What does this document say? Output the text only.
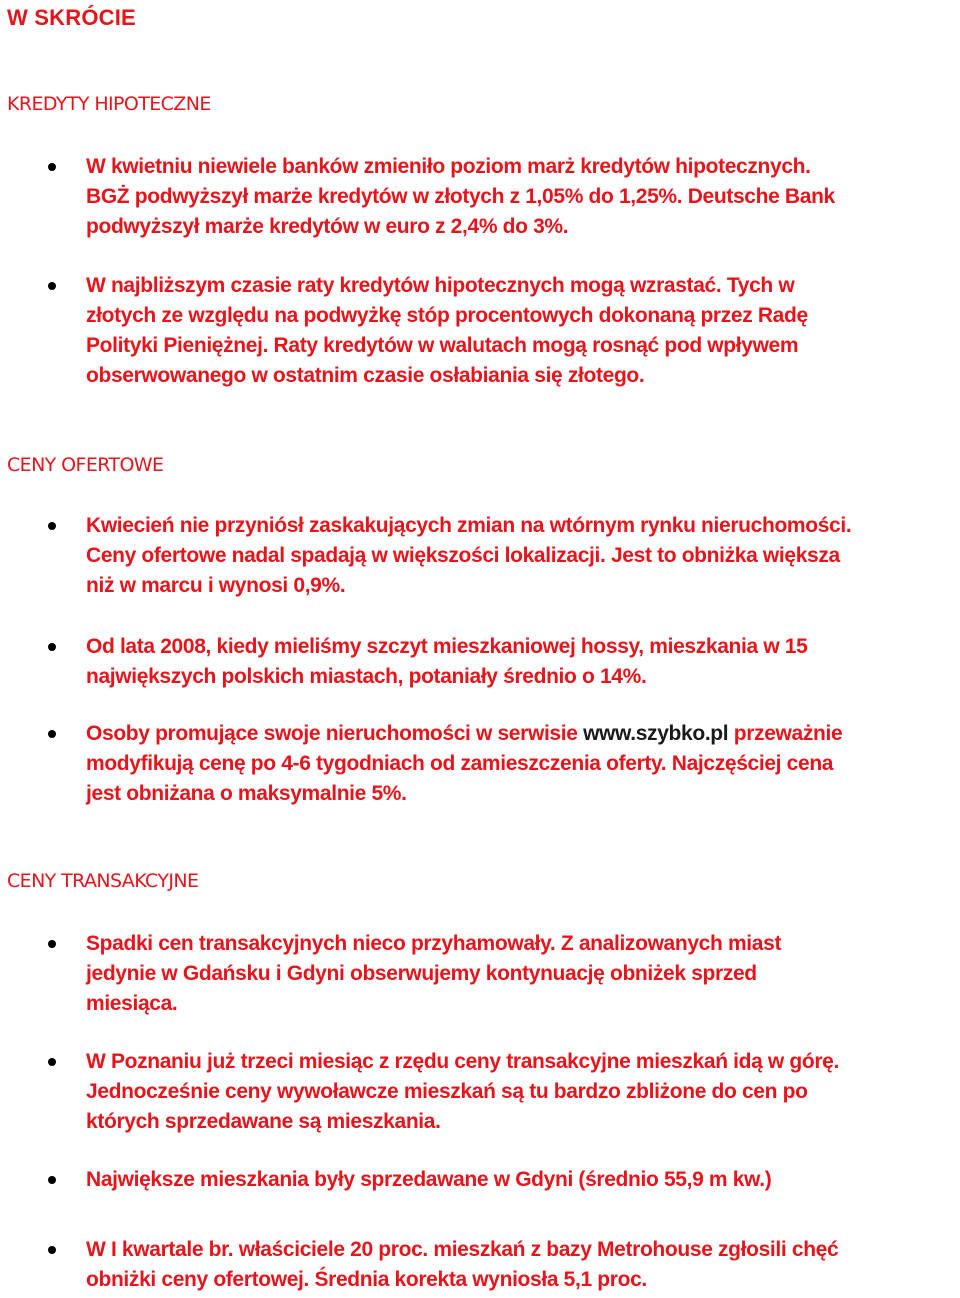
W SKRÓCIE
KREDYTY HIPOTECZNE

W kwietniu niewiele banków zmieniło poziom marż kredytów hipotecznych.
BGŻ podwyższył marże kredytów w złotych z 1,05% do 1,25%. Deutsche Bank
podwyższył marże kredytów w euro z 2,4% do 3%.

W najbliższym czasie raty kredytów hipotecznych mogą wzrastać. Tych w
złotych ze względu na podwyżkę stóp procentowych dokonaną przez Radę
Polityki Pieniężnej. Raty kredytów w walutach mogą rosnąć pod wpływem
obserwowanego w ostatnim czasie osłabiania się złotego.

CENY OFERTOWE

Kwiecień nie przyniósł zaskakujących zmian na wtórnym rynku nieruchomości.
Ceny ofertowe nadal spadają w większości lokalizacji. Jest to obniżka większa
niż w marcu i wynosi 0,9%.

Od lata 2008, kiedy mieliśmy szczyt mieszkaniowej hossy, mieszkania w 15
największych polskich miastach, potaniały średnio o 14%.

Osoby promujące swoje nieruchomości w serwisie www.szybko.pl przeważnie
modyfikują cenę po 4-6 tygodniach od zamieszczenia oferty. Najczęściej cena
jest obniżana o maksymalnie 5%.

CENY TRANSAKCYJNE

Spadki cen transakcyjnych nieco przyhamowały. Z analizowanych miast
jedynie w Gdańsku i Gdyni obserwujemy kontynuację obniżek sprzed
miesiąca.

W Poznaniu już trzeci miesiąc z rzędu ceny transakcyjne mieszkań idą w górę.
Jednocześnie ceny wywoławcze mieszkań są tu bardzo zbliżone do cen po
których sprzedawane są mieszkania.

Największe mieszkania były sprzedawane w Gdyni (średnio 55,9 m kw.)

W I kwartale br. właściciele 20 proc. mieszkań z bazy Metrohouse zgłosili chęć
obniżki ceny ofertowej. Średnia korekta wyniosła 5,1 proc.
